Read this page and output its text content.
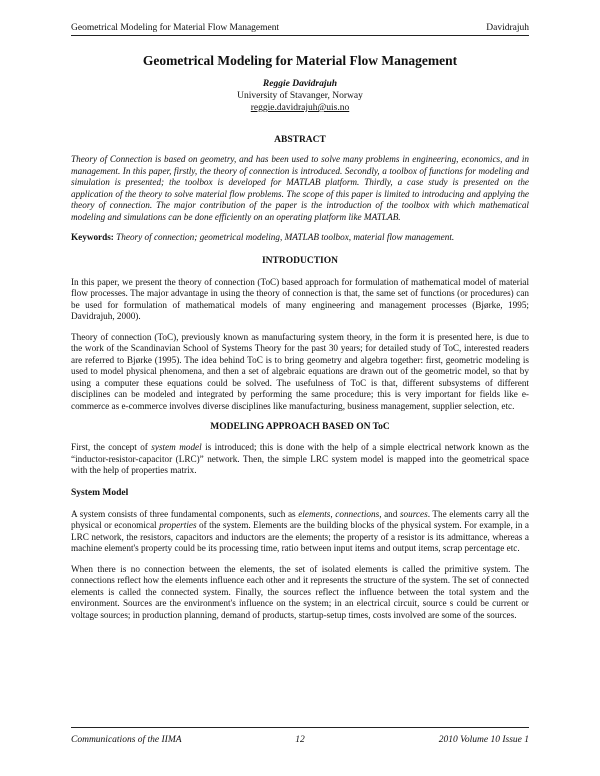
Geometrical Modeling for Material Flow Management	Davidrajuh
Geometrical Modeling for Material Flow Management
Reggie Davidrajuh
University of Stavanger, Norway
reggie.davidrajuh@uis.no
ABSTRACT

Theory of Connection is based on geometry, and has been used to solve many problems in engineering, economics, and in management. In this paper, firstly, the theory of connection is introduced. Secondly, a toolbox of functions for modeling and simulation is presented; the toolbox is developed for MATLAB platform. Thirdly, a case study is presented on the application of the theory to solve material flow problems. The scope of this paper is limited to introducing and applying the theory of connection. The major contribution of the paper is the introduction of the toolbox with which mathematical modeling and simulations can be done efficiently on an operating platform like MATLAB.

Keywords: Theory of connection; geometrical modeling, MATLAB toolbox, material flow management.

INTRODUCTION

In this paper, we present the theory of connection (ToC) based approach for formulation of mathematical model of material flow processes. The major advantage in using the theory of connection is that, the same set of functions (or procedures) can be used for formulation of mathematical models of many engineering and management processes (Bjørke, 1995; Davidrajuh, 2000).

Theory of connection (ToC), previously known as manufacturing system theory, in the form it is presented here, is due to the work of the Scandinavian School of Systems Theory for the past 30 years; for detailed study of ToC, interested readers are referred to Bjørke (1995). The idea behind ToC is to bring geometry and algebra together: first, geometric modeling is used to model physical phenomena, and then a set of algebraic equations are drawn out of the geometric model, so that by using a computer these equations could be solved. The usefulness of ToC is that, different subsystems of different disciplines can be modeled and integrated by performing the same procedure; this is very important for fields like e-commerce as e-commerce involves diverse disciplines like manufacturing, business management, supplier selection, etc.

MODELING APPROACH BASED ON ToC

First, the concept of system model is introduced; this is done with the help of a simple electrical network known as the “inductor-resistor-capacitor (LRC)” network. Then, the simple LRC system model is mapped into the geometrical space with the help of properties matrix.

System Model

A system consists of three fundamental components, such as elements, connections, and sources. The elements carry all the physical or economical properties of the system. Elements are the building blocks of the physical system. For example, in a LRC network, the resistors, capacitors and inductors are the elements; the property of a resistor is its admittance, whereas a machine element's property could be its processing time, ratio between input items and output items, scrap percentage etc.

When there is no connection between the elements, the set of isolated elements is called the primitive system. The connections reflect how the elements influence each other and it represents the structure of the system. The set of connected elements is called the connected system. Finally, the sources reflect the influence between the total system and the environment. Sources are the environment's influence on the system; in an electrical circuit, source s could be current or voltage sources; in production planning, demand of products, startup-setup times, costs involved are some of the sources.

Communications of the IIMA	12	2010 Volume 10 Issue 1
